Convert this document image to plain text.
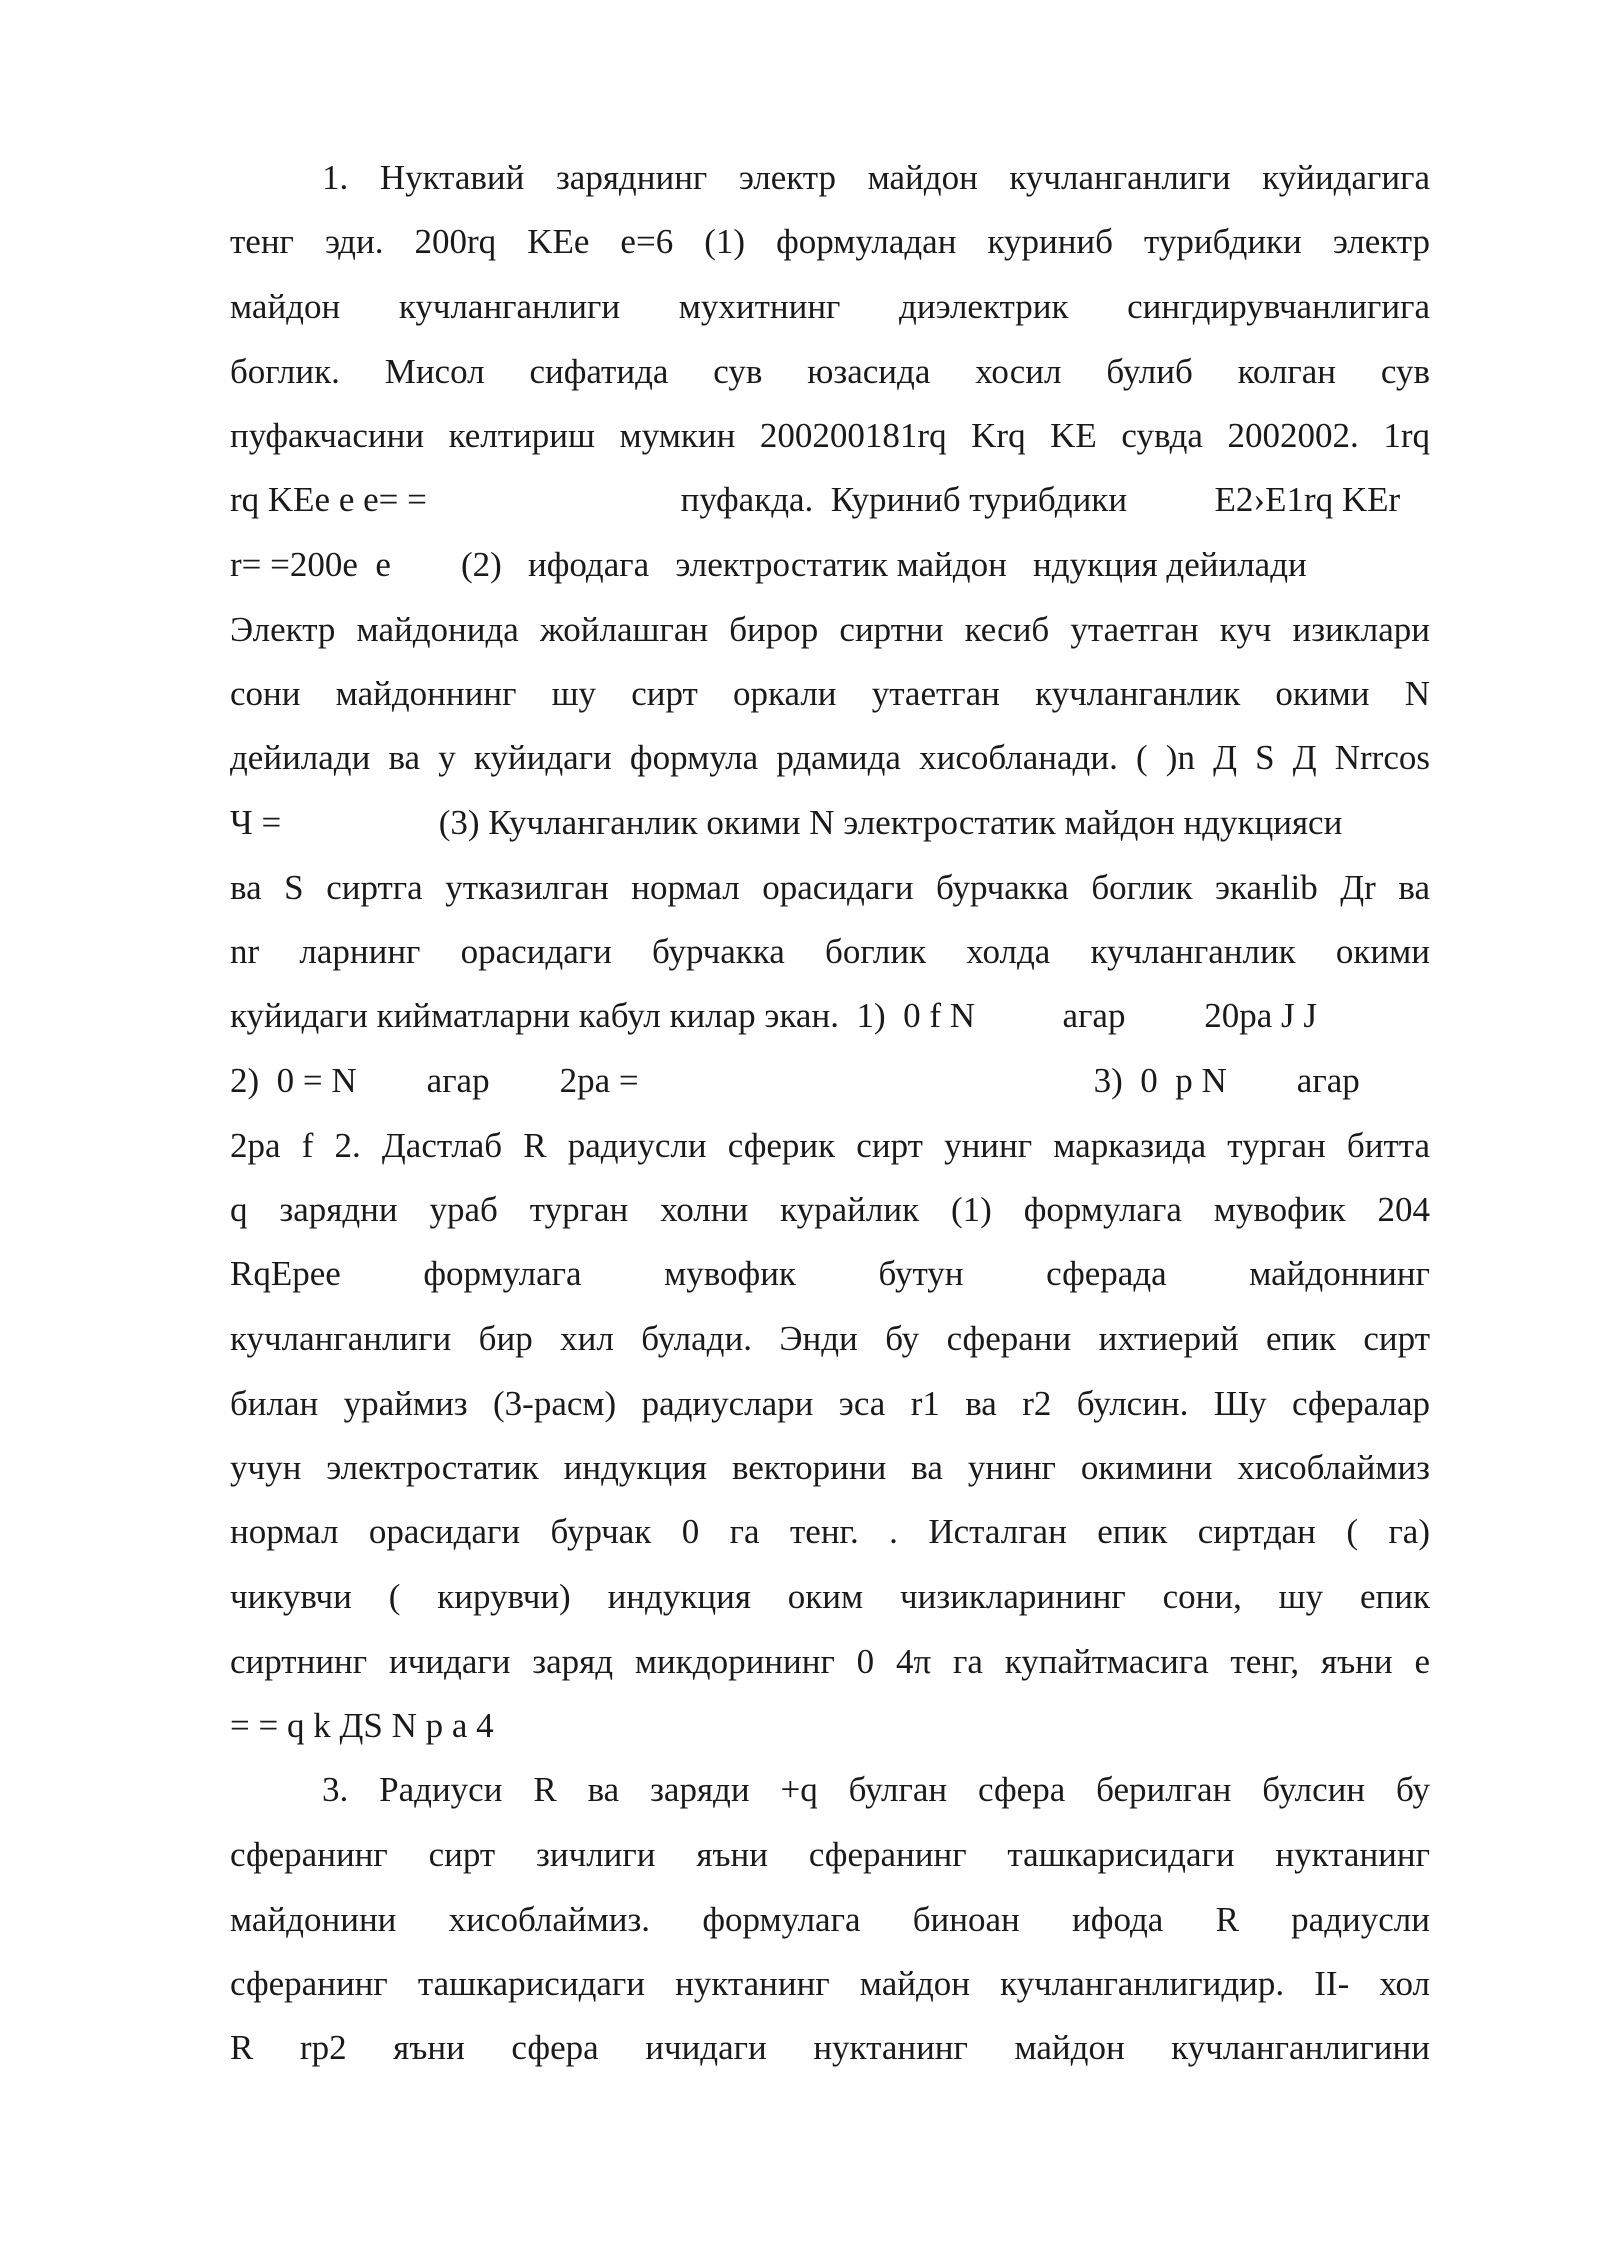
1. Нуктавий заряднинг электр майдон кучланганлиги куйидагига
тенг эди. 200rq KEe e=6 (1) формуладан куриниб турибдики электр
майдон кучланганлиги мухитнинг диэлектрик сингдирувчанлигига
боглик. Мисол сифатида сув юзасида хосил булиб колган сув
пуфакчасини келтириш мумкин 200200181rq Krq KE сувда 2002002. 1rq
rq KEe e e= =                             пуфакда.  Куриниб турибдики          E2›E1rq KEr
r= =200e  e        (2)   ифодага   электростатик майдон   ндукция дейилади
Электр майдонида жойлашган бирор сиртни кесиб утаетган куч изиклари
сони майдоннинг шу сирт оркали утаетган кучланганлик окими N
дейилади ва у куйидаги формула рдамида хисобланади. ( )n Д S Д Nrrcos
Ч =                  (3) Кучланганлик окими N электростатик майдон ндукцияси
ва S сиртга утказилган нормал орасидаги бурчакка боглик эканlib Дr ва
nr ларнинг орасидаги бурчакка боглик холда кучланганлик окими
куйидаги кийматларни кабул килар экан.  1)  0 f N          агар         20pa J J
2)  0 = N        агар        2pa =                                                    3)  0  p N        агар
2pa f 2. Дастлаб R радиусли сферик сирт унинг марказида турган битта
q зарядни ураб турган холни курайлик (1) формулага мувофик 204
RqEpee формулага мувофик бутун сферада майдоннинг
кучланганлиги бир хил булади. Энди бу сферани ихтиерий епик сирт
билан ураймиз (3-расм) радиуслари эса r1 ва r2 булсин. Шу сфералар
учун электростатик индукция векторини ва унинг окимини хисоблаймиз
нормал орасидаги бурчак 0 га тенг. . Исталган епик сиртдан ( га)
чикувчи ( кирувчи) индукция оким чизикларининг сони, шу епик
сиртнинг ичидаги заряд микдорининг 0 4π га купайтмасига тенг, яъни e
= = q k ДS N p a 4
3. Радиуси R ва заряди +q булган сфера берилган булсин бу
сферанинг сирт зичлиги яъни сферанинг ташкарисидаги нуктанинг
майдонини хисоблаймиз. формулага биноан ифода R радиусли
сферанинг ташкарисидаги нуктанинг майдон кучланганлигидир. II- хол
R rp2 яъни сфера ичидаги нуктанинг майдон кучланганлигини
